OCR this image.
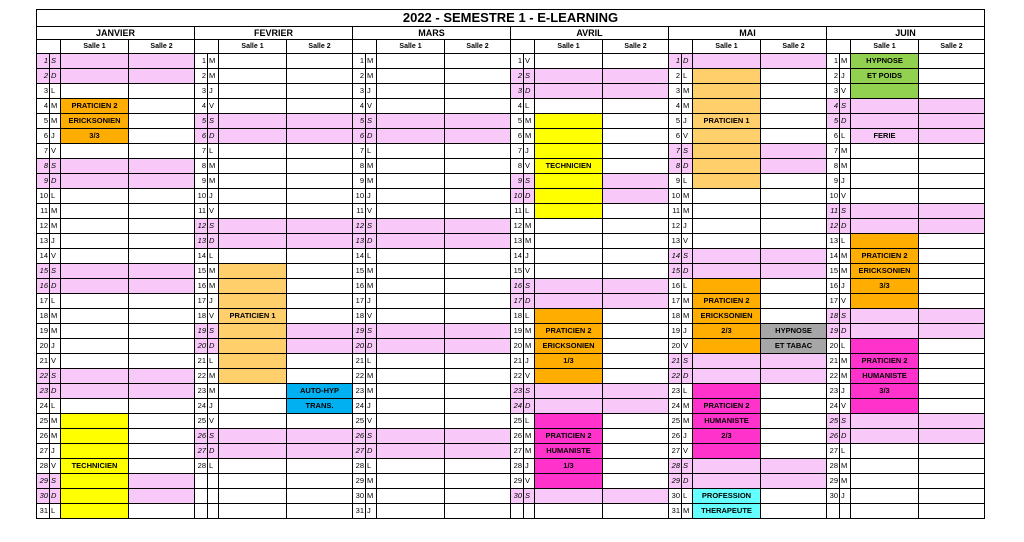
2022 - SEMESTRE 1 - E-LEARNING																							
JANVIER				FEVRIER				MARS				AVRIL				MAI				JUIN			
		Salle 1	Salle 2			Salle 1	Salle 2			Salle 1	Salle 2			Salle 1	Salle 2			Salle 1	Salle 2			Salle 1	Salle 2
1	S			1	M			1	M			1	V			1	D			1	M	HYPNOSE	
2	D			2	M			2	M			2	S			2	L			2	J	ET POIDS	
3	L			3	J			3	J			3	D			3	M			3	V		
4	M	PRATICIEN 2		4	V			4	V			4	L			4	M			4	S		
5	M	ERICKSONIEN		5	S			5	S			5	M			5	J	PRATICIEN 1		5	D		
6	J	3/3		6	D			6	D			6	M			6	V			6	L	FERIE	
7	V			7	L			7	L			7	J			7	S			7	M		
8	S			8	M			8	M			8	V	TECHNICIEN		8	D			8	M		
9	D			9	M			9	M			9	S			9	L			9	J		
10	L			10	J			10	J			10	D			10	M			10	V		
11	M			11	V			11	V			11	L			11	M			11	S		
12	M			12	S			12	S			12	M			12	J			12	D		
13	J			13	D			13	D			13	M			13	V			13	L		
14	V			14	L			14	L			14	J			14	S			14	M	PRATICIEN 2	
15	S			15	M			15	M			15	V			15	D			15	M	ERICKSONIEN	
16	D			16	M			16	M			16	S			16	L			16	J	3/3	
17	L			17	J			17	J			17	D			17	M	PRATICIEN 2		17	V		
18	M			18	V	PRATICIEN 1		18	V			18	L			18	M	ERICKSONIEN		18	S		
19	M			19	S			19	S			19	M	PRATICIEN 2		19	J	2/3	HYPNOSE	19	D		
20	J			20	D			20	D			20	M	ERICKSONIEN		20	V		ET TABAC	20	L		
21	V			21	L			21	L			21	J	1/3		21	S			21	M	PRATICIEN 2	
22	S			22	M			22	M			22	V			22	D			22	M	HUMANISTE	
23	D			23	M		AUTO-HYP	23	M			23	S			23	L			23	J	3/3	
24	L			24	J		TRANS.	24	J			24	D			24	M	PRATICIEN 2		24	V		
25	M			25	V			25	V			25	L			25	M	HUMANISTE		25	S		
26	M			26	S			26	S			26	M	PRATICIEN 2		26	J	2/3		26	D		
27	J			27	D			27	D			27	M	HUMANISTE		27	V			27	L		
28	V	TECHNICIEN		28	L			28	L			28	J	1/3		28	S			28	M		
29	S							29	M			29	V			29	D			29	M		
30	D							30	M			30	S			30	L	PROFESSION		30	J		
31	L							31	J							31	M	THERAPEUTE					
